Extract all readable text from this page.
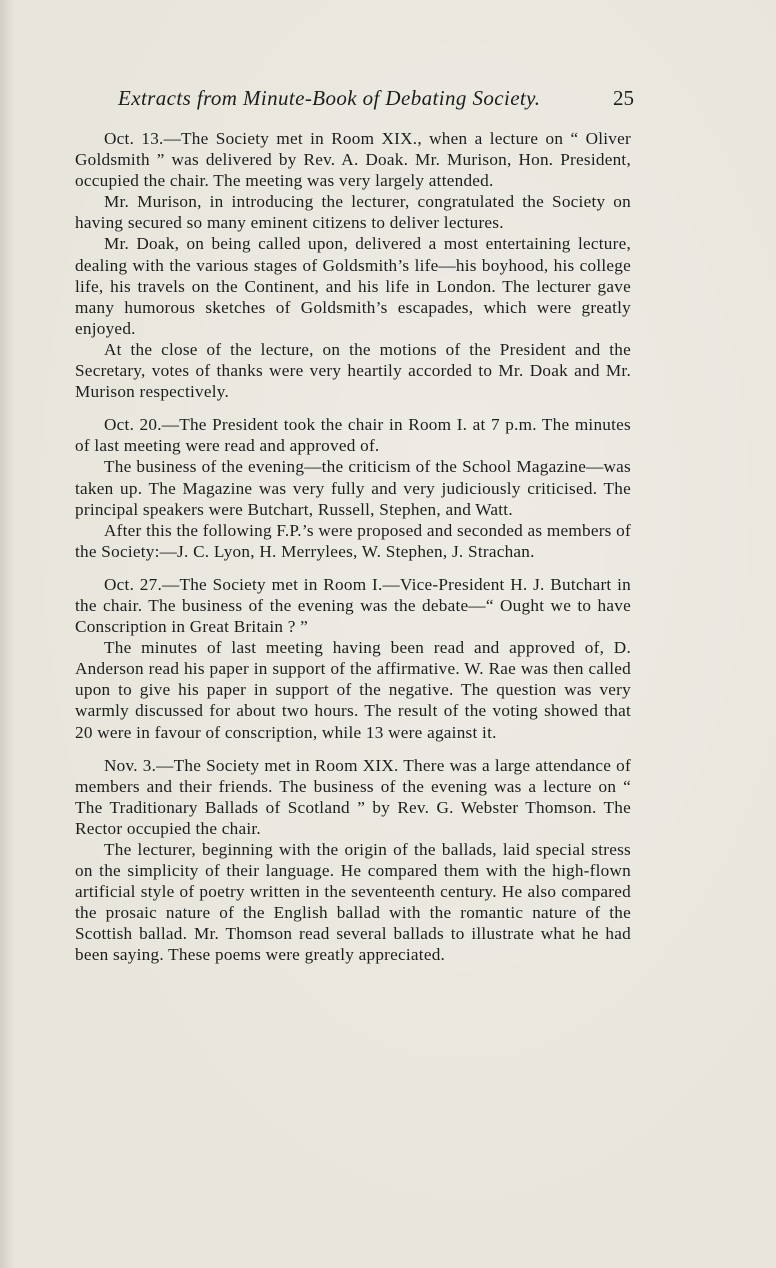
Extracts from Minute-Book of Debating Society.	25

Oct. 13.—The Society met in Room XIX., when a lecture on “ Oliver Goldsmith ” was delivered by Rev. A. Doak. Mr. Murison, Hon. President, occupied the chair. The meeting was very largely attended.

Mr. Murison, in introducing the lecturer, congratulated the Society on having secured so many eminent citizens to deliver lectures.

Mr. Doak, on being called upon, delivered a most entertaining lecture, dealing with the various stages of Goldsmith’s life—his boyhood, his college life, his travels on the Continent, and his life in London. The lecturer gave many humorous sketches of Goldsmith’s escapades, which were greatly enjoyed.

At the close of the lecture, on the motions of the President and the Secretary, votes of thanks were very heartily accorded to Mr. Doak and Mr. Murison respectively.

Oct. 20.—The President took the chair in Room I. at 7 p.m. The minutes of last meeting were read and approved of.

The business of the evening—the criticism of the School Magazine—was taken up. The Magazine was very fully and very judiciously criticised. The principal speakers were Butchart, Russell, Stephen, and Watt.

After this the following F.P.’s were proposed and seconded as members of the Society:—J. C. Lyon, H. Merrylees, W. Stephen, J. Strachan.

Oct. 27.—The Society met in Room I.—Vice-President H. J. Butchart in the chair. The business of the evening was the debate—“ Ought we to have Conscription in Great Britain ? ”

The minutes of last meeting having been read and approved of, D. Anderson read his paper in support of the affirmative. W. Rae was then called upon to give his paper in support of the negative. The question was very warmly discussed for about two hours. The result of the voting showed that 20 were in favour of conscription, while 13 were against it.

Nov. 3.—The Society met in Room XIX. There was a large attendance of members and their friends. The business of the evening was a lecture on “ The Traditionary Ballads of Scotland ” by Rev. G. Webster Thomson. The Rector occupied the chair.

The lecturer, beginning with the origin of the ballads, laid special stress on the simplicity of their language. He compared them with the high-flown artificial style of poetry written in the seventeenth century. He also compared the prosaic nature of the English ballad with the romantic nature of the Scottish ballad. Mr. Thomson read several ballads to illustrate what he had been saying. These poems were greatly appreciated.
